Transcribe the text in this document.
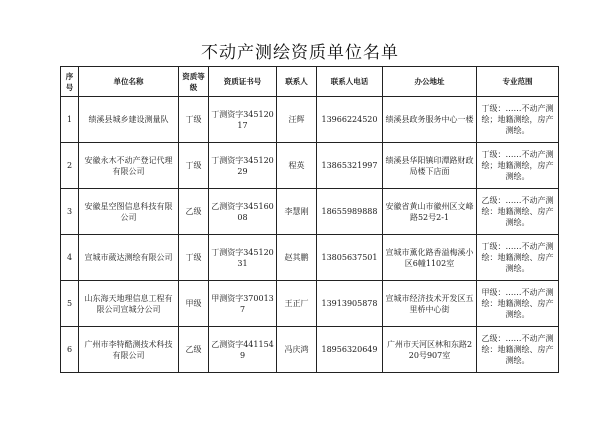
不动产测绘资质单位名单
序号	单位名称	资质等级	资质证书号	联系人	联系人电话	办公地址	专业范围
1	绩溪县城乡建设测量队	丁级	丁测资字34512017	汪辉	13966224520	绩溪县政务服务中心一楼	丁级：……不动产测绘；地籍测绘，房产测绘。
2	安徽永木不动产登记代理有限公司	丁级	丁测资字34512029	程英	13865321997	绩溪县华阳镇印潭路财政局楼下店面	丁级：……不动产测绘；地籍测绘，房产测绘。
3	安徽星空图信息科技有限公司	乙级	乙测资字34516008	李慧刚	18655989888	安徽省黄山市徽州区文峰路52号2-1	乙级：……不动产测绘：地籍测绘、房产测绘。
4	宣城市葳达测绘有限公司	丁级	丁测资字34512031	赵其鹏	13805637501	宣城市薰化路香溢梅溪小区6幢1102室	丁级：……不动产测绘：地籍测绘、房产测绘。
5	山东海天地理信息工程有限公司宣城分公司	甲级	甲测资字3700137	王正厂	13913905878	宣城市经济技术开发区五里桥中心街	甲级：……不动产测绘：地籍测绘、房产测绘。
6	广州市李特酷测技术科技有限公司	乙级	乙测资字4411549	冯庆鸿	18956320649	广州市天河区林和东路220号907室	乙级：……不动产测绘：地籍测绘、房产测绘。
